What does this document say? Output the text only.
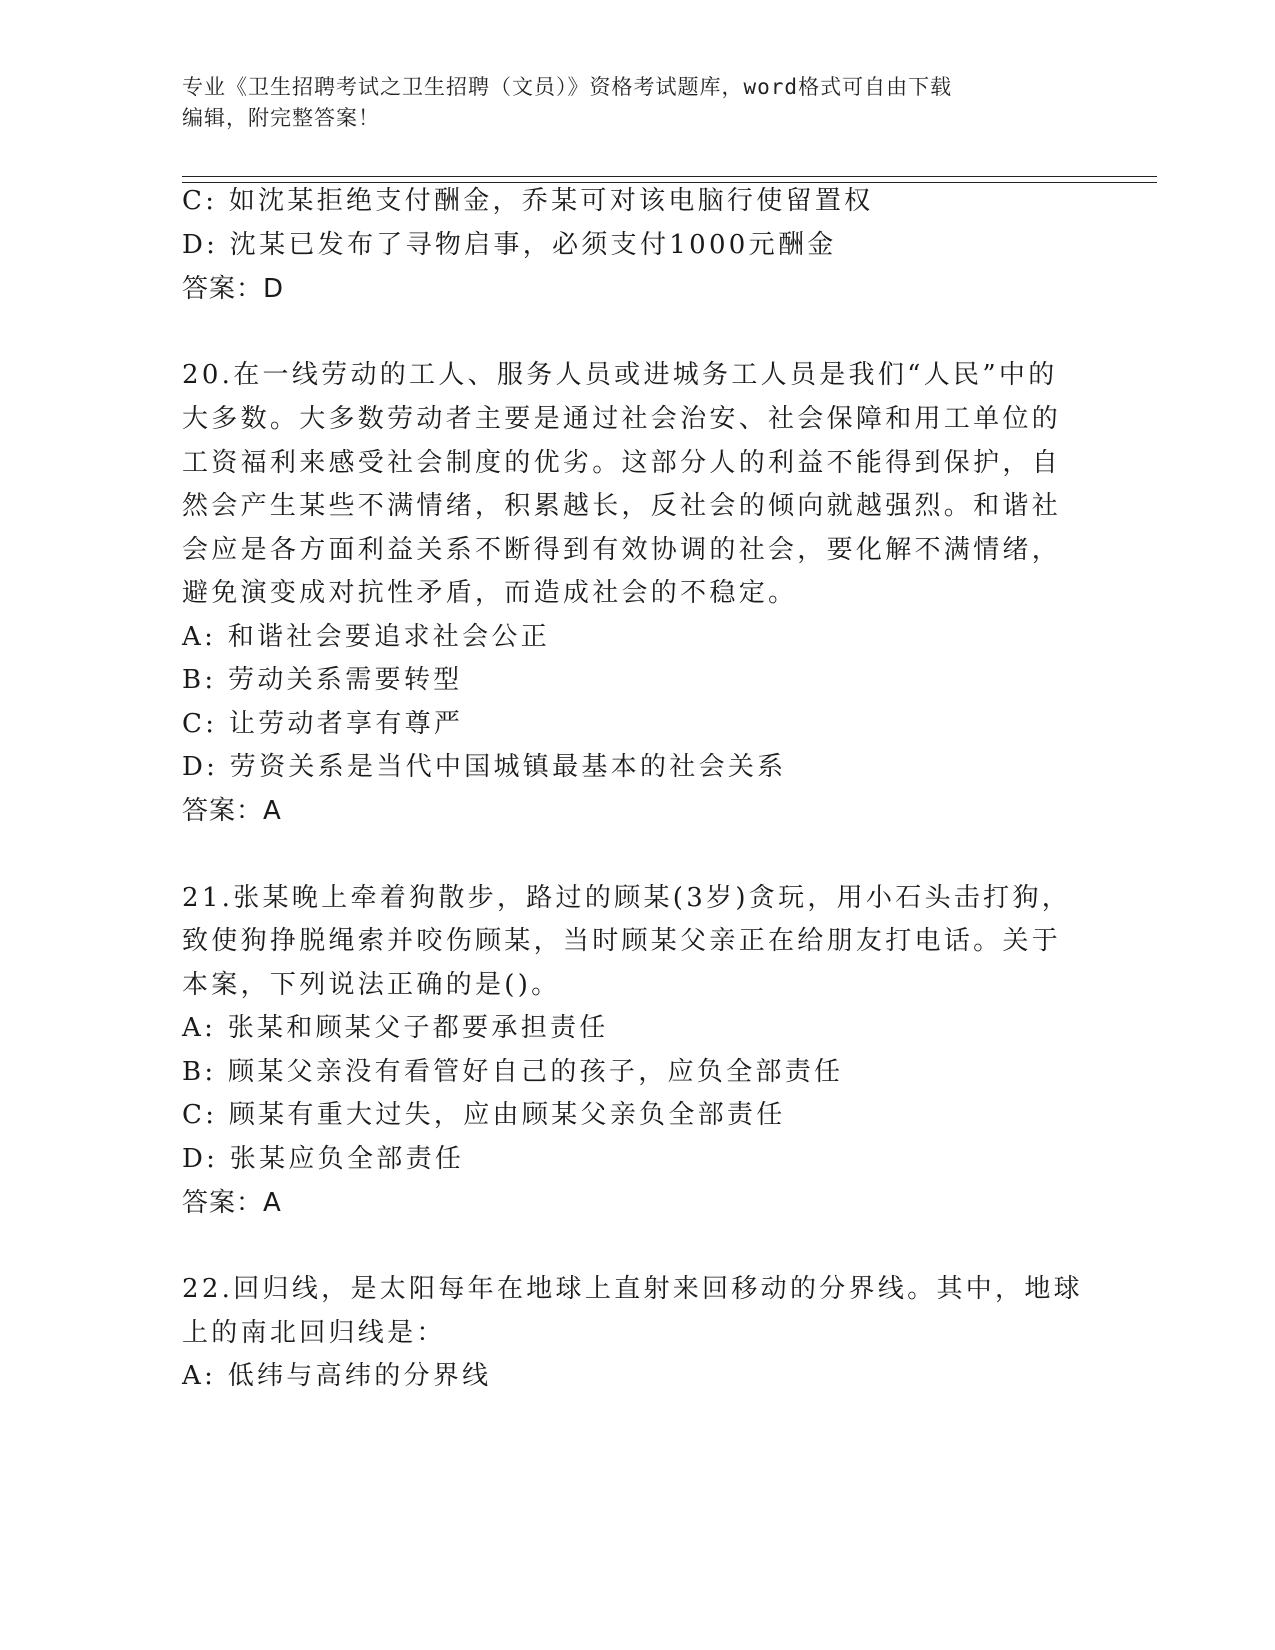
专业《卫生招聘考试之卫生招聘（文员）》资格考试题库，word格式可自由下载

编辑，附完整答案！

C: 如沈某拒绝支付酬金，乔某可对该电脑行使留置权
D: 沈某已发布了寻物启事，必须支付1000元酬金
答案：D
20.在一线劳动的工人、服务人员或进城务工人员是我们“人民”中的
大多数。大多数劳动者主要是通过社会治安、社会保障和用工单位的
工资福利来感受社会制度的优劣。这部分人的利益不能得到保护，自
然会产生某些不满情绪，积累越长，反社会的倾向就越强烈。和谐社
会应是各方面利益关系不断得到有效协调的社会，要化解不满情绪，
避免演变成对抗性矛盾，而造成社会的不稳定。
A: 和谐社会要追求社会公正
B: 劳动关系需要转型
C: 让劳动者享有尊严
D: 劳资关系是当代中国城镇最基本的社会关系
答案：A
21.张某晚上牵着狗散步，路过的顾某(3岁)贪玩，用小石头击打狗，
致使狗挣脱绳索并咬伤顾某，当时顾某父亲正在给朋友打电话。关于
本案，下列说法正确的是()。
A: 张某和顾某父子都要承担责任
B: 顾某父亲没有看管好自己的孩子，应负全部责任
C: 顾某有重大过失，应由顾某父亲负全部责任
D: 张某应负全部责任
答案：A
22.回归线，是太阳每年在地球上直射来回移动的分界线。其中，地球
上的南北回归线是：
A: 低纬与高纬的分界线
